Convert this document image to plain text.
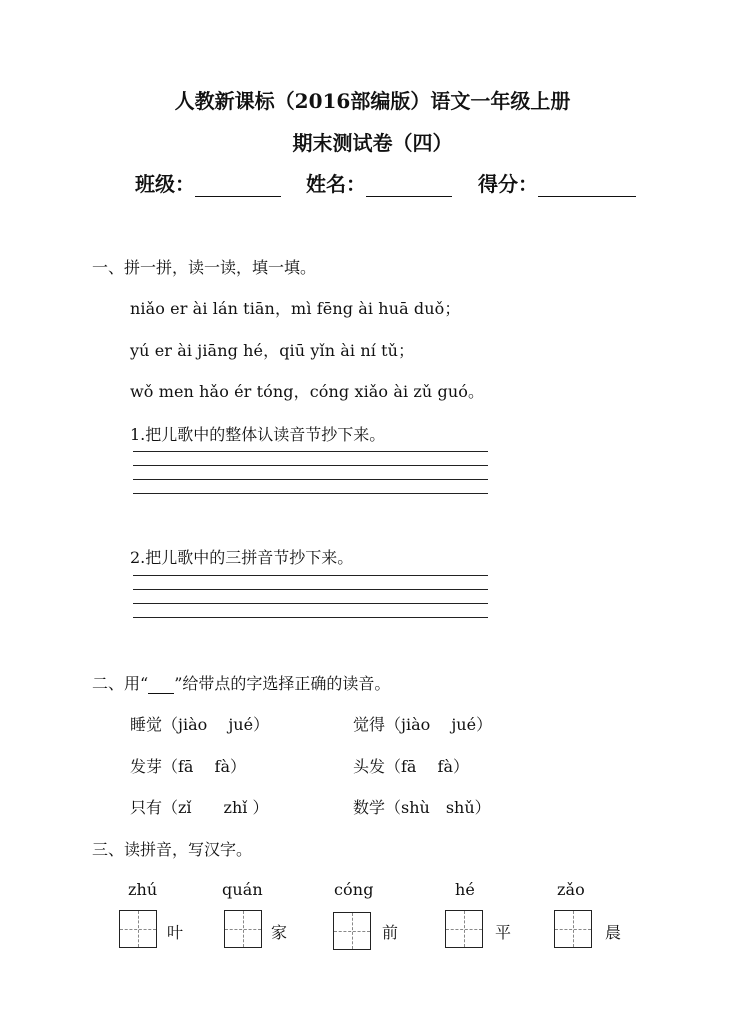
人教新课标（2016部编版）语文一年级上册
期末测试卷（四）
班级：	姓名：	得分：
一、拼一拼，读一读，填一填。
niǎo er ài lán tiān，mì fēng ài huā duǒ；
yú er ài jiāng hé，qiū yǐn ài ní tǔ；
wǒ men hǎo ér tóng，cóng xiǎo ài zǔ guó。
1.把儿歌中的整体认读音节抄下来。
2.把儿歌中的三拼音节抄下来。
二、用“ ”给带点的字选择正确的读音。
睡觉（jiào　 jué）	觉得（jiào　 jué）
发芽（fā　 fà）	头发（fā　 fà）
只有（zǐ　　zhǐ ）	数学（shù　shǔ）
三、读拼音，写汉字。
zhú	quán	cóng	hé	zǎo
叶	家	前	平	晨
